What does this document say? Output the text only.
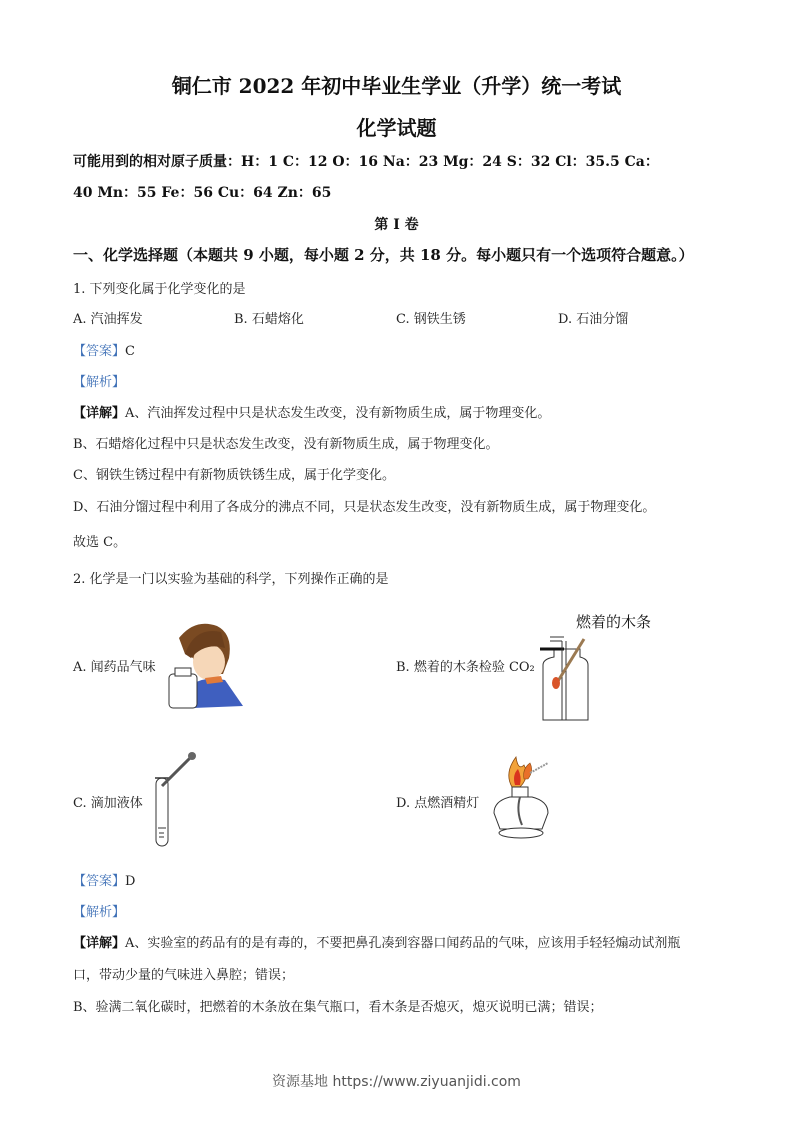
铜仁市 2022 年初中毕业生学业（升学）统一考试
化学试题
可能用到的相对原子质量：H：1 C：12 O：16 Na：23 Mg：24 S：32 Cl：35.5 Ca：
40 Mn：55 Fe：56 Cu：64 Zn：65
第 I 卷
一、化学选择题（本题共 9 小题，每小题 2 分，共 18 分。每小题只有一个选项符合题意。）
1. 下列变化属于化学变化的是
A. 汽油挥发	B. 石蜡熔化	C. 钢铁生锈	D. 石油分馏
【答案】C
【解析】
【详解】A、汽油挥发过程中只是状态发生改变，没有新物质生成，属于物理变化。
B、石蜡熔化过程中只是状态发生改变，没有新物质生成，属于物理变化。
C、钢铁生锈过程中有新物质铁锈生成，属于化学变化。
D、石油分馏过程中利用了各成分的沸点不同，只是状态发生改变，没有新物质生成，属于物理变化。
故选 C。
2. 化学是一门以实验为基础的科学，下列操作正确的是
A. 闻药品气味
燃着的木条
B. 燃着的木条检验 CO₂
C. 滴加液体	D. 点燃酒精灯
【答案】D
【解析】
【详解】A、实验室的药品有的是有毒的，不要把鼻孔凑到容器口闻药品的气味，应该用手轻轻煽动试剂瓶
口，带动少量的气味进入鼻腔；错误；
B、验满二氧化碳时，把燃着的木条放在集气瓶口，看木条是否熄灭，熄灭说明已满；错误；
资源基地 https://www.ziyuanjidi.com
